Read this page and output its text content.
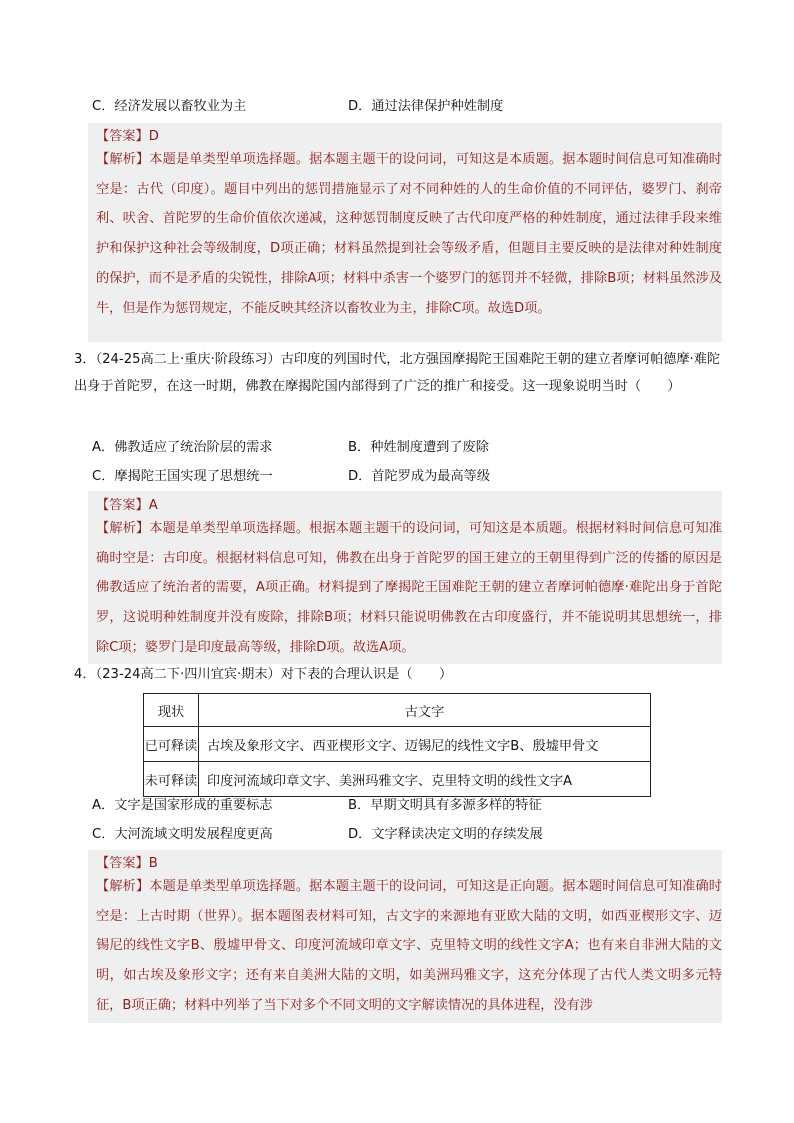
C．经济发展以畜牧业为主	D．通过法律保护种姓制度
【答案】D

【解析】本题是单类型单项选择题。据本题主题干的设问词，可知这是本质题。据本题时间信息可知准确时空是：古代（印度）。题目中列出的惩罚措施显示了对不同种姓的人的生命价值的不同评估，婆罗门、刹帝利、吠舍、首陀罗的生命价值依次递减，这种惩罚制度反映了古代印度严格的种姓制度，通过法律手段来维护和保护这种社会等级制度，D项正确；材料虽然提到社会等级矛盾，但题目主要反映的是法律对种姓制度的保护，而不是矛盾的尖锐性，排除A项；材料中杀害一个婆罗门的惩罚并不轻微，排除B项；材料虽然涉及牛，但是作为惩罚规定，不能反映其经济以畜牧业为主，排除C项。故选D项。

3．（24-25高二上·重庆·阶段练习）古印度的列国时代，北方强国摩揭陀王国难陀王朝的建立者摩诃帕德摩·难陀出身于首陀罗，在这一时期，佛教在摩揭陀国内部得到了广泛的推广和接受。这一现象说明当时（　　）

A．佛教适应了统治阶层的需求	B．种姓制度遭到了废除
C．摩揭陀王国实现了思想统一	D．首陀罗成为最高等级
【答案】A

【解析】本题是单类型单项选择题。根据本题主题干的设问词，可知这是本质题。根据材料时间信息可知准确时空是：古印度。根据材料信息可知，佛教在出身于首陀罗的国王建立的王朝里得到广泛的传播的原因是佛教适应了统治者的需要，A项正确。材料提到了摩揭陀王国难陀王朝的建立者摩诃帕德摩·难陀出身于首陀罗，这说明种姓制度并没有废除，排除B项；材料只能说明佛教在古印度盛行，并不能说明其思想统一，排除C项；婆罗门是印度最高等级，排除D项。故选A项。

4．（23-24高二下·四川宜宾·期末）对下表的合理认识是（　　）

现状	古文字
已可释读	古埃及象形文字、西亚楔形文字、迈锡尼的线性文字B、殷墟甲骨文
未可释读	印度河流域印章文字、美洲玛雅文字、克里特文明的线性文字A
A．文字是国家形成的重要标志	B．早期文明具有多源多样的特征
C．大河流域文明发展程度更高	D．文字释读决定文明的存续发展
【答案】B

【解析】本题是单类型单项选择题。据本题主题干的设问词，可知这是正向题。据本题时间信息可知准确时空是：上古时期（世界）。据本题图表材料可知，古文字的来源地有亚欧大陆的文明，如西亚楔形文字、迈锡尼的线性文字B、殷墟甲骨文、印度河流域印章文字、克里特文明的线性文字A；也有来自非洲大陆的文明，如古埃及象形文字；还有来自美洲大陆的文明，如美洲玛雅文字，这充分体现了古代人类文明多元特征，B项正确；材料中列举了当下对多个不同文明的文字解读情况的具体进程，没有涉
